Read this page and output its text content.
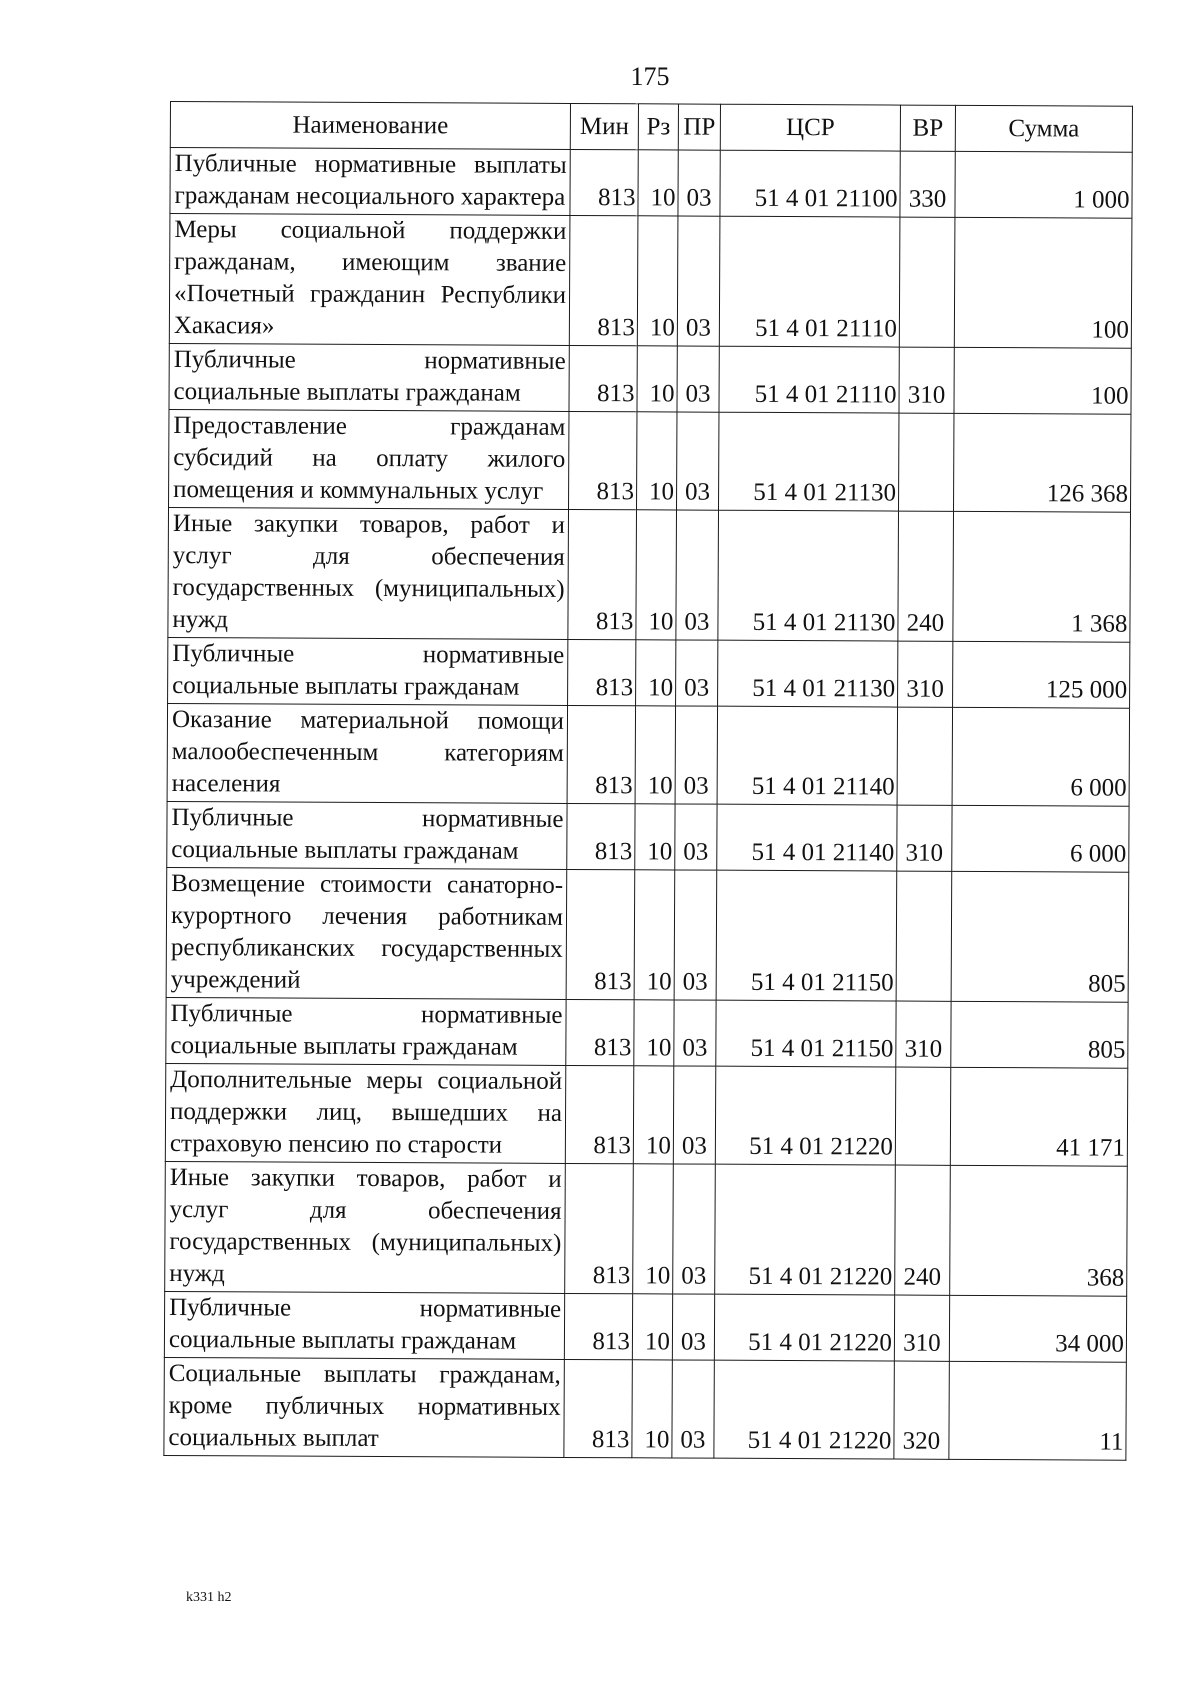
175
Наименование	Мин	Рз	ПР	ЦСР	ВР	Сумма
Публичные нормативные выплаты гражданам несоциального характера	813	10	03	51 4 01 21100	330	1 000
Меры социальной поддержки гражданам, имеющим звание «Почетный гражданин Республики Хакасия»	813	10	03	51 4 01 21110		100
Публичные нормативные социальные выплаты гражданам	813	10	03	51 4 01 21110	310	100
Предоставление гражданам субсидий на оплату жилого помещения и коммунальных услуг	813	10	03	51 4 01 21130		126 368
Иные закупки товаров, работ и услуг для обеспечения государственных (муниципальных) нужд	813	10	03	51 4 01 21130	240	1 368
Публичные нормативные социальные выплаты гражданам	813	10	03	51 4 01 21130	310	125 000
Оказание материальной помощи малообеспеченным категориям населения	813	10	03	51 4 01 21140		6 000
Публичные нормативные социальные выплаты гражданам	813	10	03	51 4 01 21140	310	6 000
Возмещение стоимости санаторно-курортного лечения работникам республиканских государственных учреждений	813	10	03	51 4 01 21150		805
Публичные нормативные социальные выплаты гражданам	813	10	03	51 4 01 21150	310	805
Дополнительные меры социальной поддержки лиц, вышедших на страховую пенсию по старости	813	10	03	51 4 01 21220		41 171
Иные закупки товаров, работ и услуг для обеспечения государственных (муниципальных) нужд	813	10	03	51 4 01 21220	240	368
Публичные нормативные социальные выплаты гражданам	813	10	03	51 4 01 21220	310	34 000
Социальные выплаты гражданам, кроме публичных нормативных социальных выплат	813	10	03	51 4 01 21220	320	11
k331 h2
